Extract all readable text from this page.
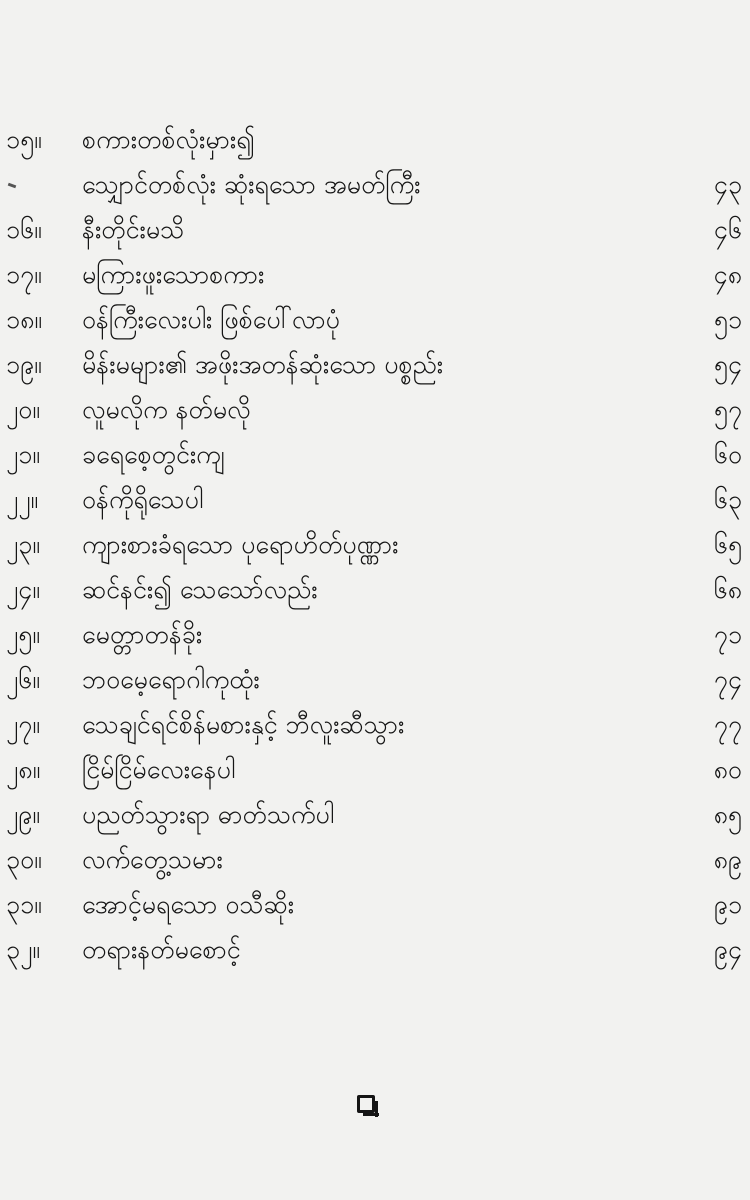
၁၅။	စကားတစ်လုံးမှား၍
သျှောင်တစ်လုံး ဆုံးရသော အမတ်ကြီး	၄၃
၁၆။	နီးတိုင်းမသိ	၄၆
၁၇။	မကြားဖူးသောစကား	၄၈
၁၈။	ဝန်ကြီးလေးပါး ဖြစ်ပေါ်လာပုံ	၅၁
၁၉။	မိန်းမများ၏ အဖိုးအတန်ဆုံးသော ပစ္စည်း	၅၄
၂၀။	လူမလိုက နတ်မလို	၅၇
၂၁။	ခရေစေ့တွင်းကျ	၆၀
၂၂။	ဝန်ကိုရိုသေပါ	၆၃
၂၃။	ကျားစားခံရသော ပုရောဟိတ်ပုဏ္ဏား	၆၅
၂၄။	ဆင်နင်း၍ သေသော်လည်း	၆၈
၂၅။	မေတ္တာတန်ခိုး	၇၁
၂၆။	ဘဝမေ့ရောဂါကုထုံး	၇၄
၂၇။	သေချင်ရင်စိန်မစားနှင့် ဘီလူးဆီသွား	၇၇
၂၈။	ငြိမ်ငြိမ်လေးနေပါ	၈၀
၂၉။	ပညတ်သွားရာ ဓာတ်သက်ပါ	၈၅
၃၀။	လက်တွေ့သမား	၈၉
၃၁။	အောင့်မရသော ဝသီဆိုး	၉၁
၃၂။	တရားနတ်မစောင့်	၉၄
